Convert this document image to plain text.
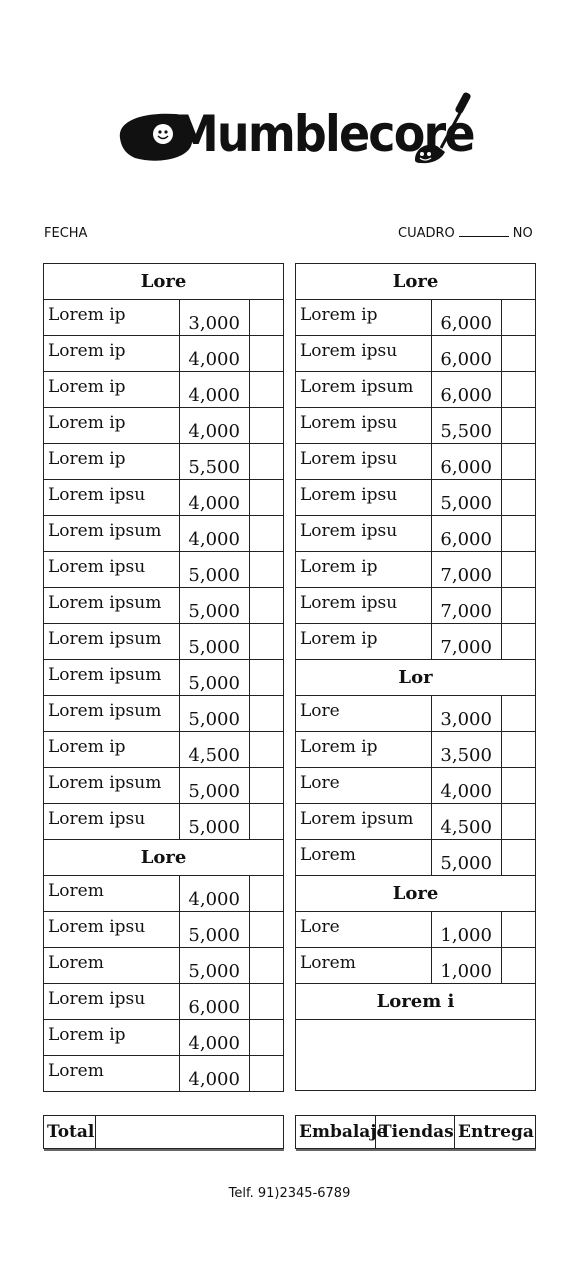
Mumblecore
FECHA	CUADRO	NO
Lore		
Lorem ip	3,000	
Lorem ip	4,000	
Lorem ip	4,000	
Lorem ip	4,000	
Lorem ip	5,500	
Lorem ipsu	4,000	
Lorem ipsum	4,000	
Lorem ipsu	5,000	
Lorem ipsum	5,000	
Lorem ipsum	5,000	
Lorem ipsum	5,000	
Lorem ipsum	5,000	
Lorem ip	4,500	
Lorem ipsum	5,000	
Lorem ipsu	5,000	
Lore		
Lorem	4,000	
Lorem ipsu	5,000	
Lorem	5,000	
Lorem ipsu	6,000	
Lorem ip	4,000	
Lorem	4,000	
Lore		
Lorem ip	6,000	
Lorem ipsu	6,000	
Lorem ipsum	6,000	
Lorem ipsu	5,500	
Lorem ipsu	6,000	
Lorem ipsu	5,000	
Lorem ipsu	6,000	
Lorem ip	7,000	
Lorem ipsu	7,000	
Lorem ip	7,000	
Lor		
Lore	3,000	
Lorem ip	3,500	
Lore	4,000	
Lorem ipsum	4,500	
Lorem	5,000	
Lore		
Lore	1,000	
Lorem	1,000	
Lorem i		

Total		Embalaje	Tiendas	Entrega
Telf. 91)2345-6789
